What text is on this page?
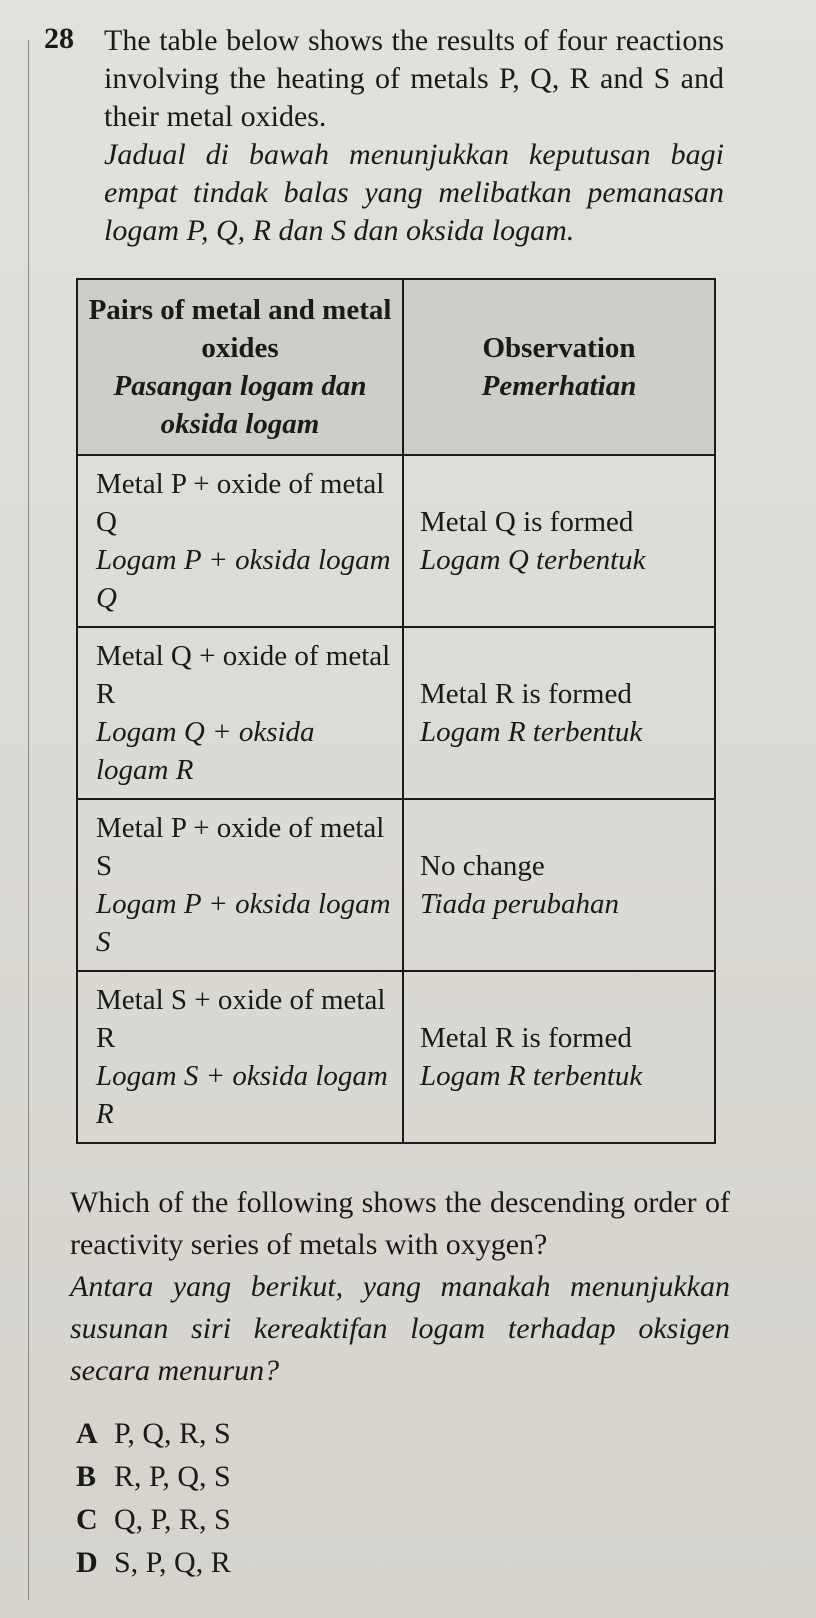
28 The table below shows the results of four reactions involving the heating of metals P, Q, R and S and their metal oxides.

Jadual di bawah menunjukkan keputusan bagi empat tindak balas yang melibatkan pemanasan logam P, Q, R dan S dan oksida logam.

Pairs of metal and metal oxides
Pasangan logam dan oksida logam	Observation
Pemerhatian

Metal P + oxide of metal Q
Logam P + oksida logam Q	Metal Q is formed
Logam Q terbentuk

Metal Q + oxide of metal R
Logam Q + oksida logam R	Metal R is formed
Logam R terbentuk

Metal P + oxide of metal S
Logam P + oksida logam S	No change
Tiada perubahan

Metal S + oxide of metal R
Logam S + oksida logam R	Metal R is formed
Logam R terbentuk

Which of the following shows the descending order of reactivity series of metals with oxygen?

Antara yang berikut, yang manakah menunjukkan susunan siri kereaktifan logam terhadap oksigen secara menurun?

A P, Q, R, S
B R, P, Q, S
C Q, P, R, S
D S, P, Q, R
